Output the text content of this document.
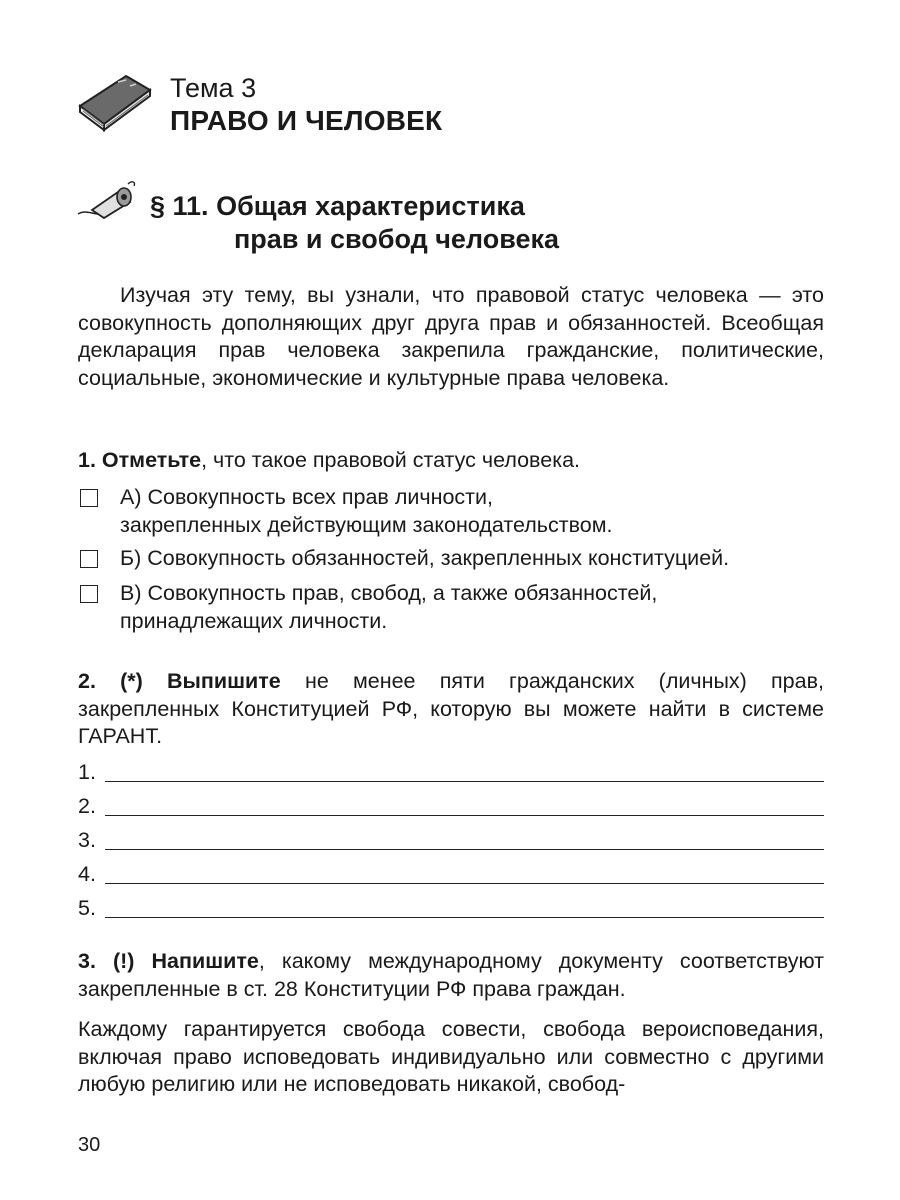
Тема 3
ПРАВО И ЧЕЛОВЕК
§ 11. Общая характеристика
прав и свобод человека
Изучая эту тему, вы узнали, что правовой статус человека — это совокупность дополняющих друг друга прав и обязанностей. Всеобщая декларация прав человека закрепила гражданские, политические, социальные, экономические и культурные права человека.
1. Отметьте, что такое правовой статус человека.
А) Совокупность всех прав личности,
закрепленных действующим законодательством.
Б) Совокупность обязанностей, закрепленных конституцией.
В) Совокупность прав, свобод, а также обязанностей,
принадлежащих личности.
2. (*) Выпишите не менее пяти гражданских (личных) прав, закрепленных Конституцией РФ, которую вы можете найти в системе ГАРАНТ.
1.
2.
3.
4.
5.
3. (!) Напишите, какому международному документу соответствуют закрепленные в ст. 28 Конституции РФ права граждан.
Каждому гарантируется свобода совести, свобода вероисповедания, включая право исповедовать индивидуально или совместно с другими любую религию или не исповедовать никакой, свобод-
30
